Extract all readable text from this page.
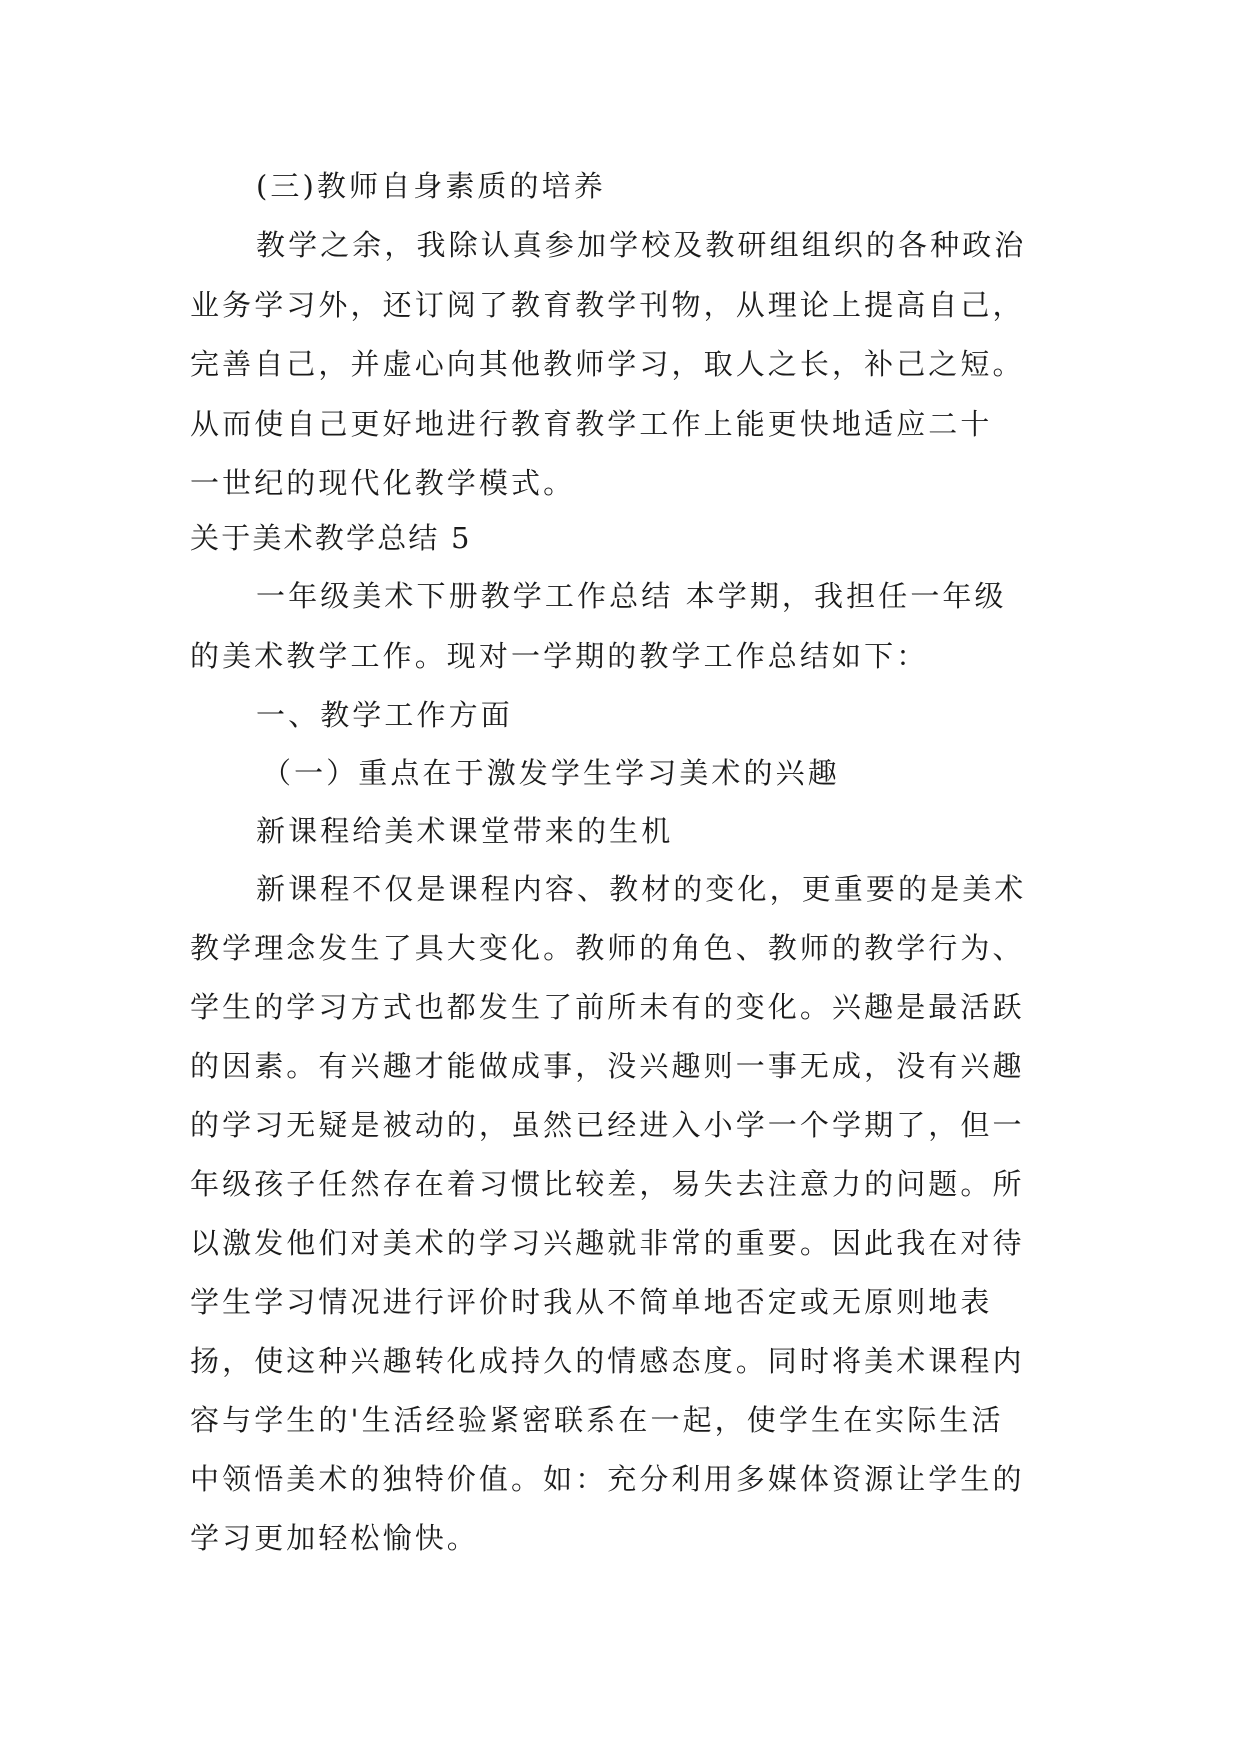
(三)教师自身素质的培养
教学之余，我除认真参加学校及教研组组织的各种政治
业务学习外，还订阅了教育教学刊物，从理论上提高自己，
完善自己，并虚心向其他教师学习，取人之长，补己之短。
从而使自己更好地进行教育教学工作上能更快地适应二十
一世纪的现代化教学模式。
关于美术教学总结 5
一年级美术下册教学工作总结 本学期，我担任一年级
的美术教学工作。现对一学期的教学工作总结如下：
一、教学工作方面
（一）重点在于激发学生学习美术的兴趣
新课程给美术课堂带来的生机
新课程不仅是课程内容、教材的变化，更重要的是美术
教学理念发生了具大变化。教师的角色、教师的教学行为、
学生的学习方式也都发生了前所未有的变化。兴趣是最活跃
的因素。有兴趣才能做成事，没兴趣则一事无成，没有兴趣
的学习无疑是被动的，虽然已经进入小学一个学期了，但一
年级孩子任然存在着习惯比较差，易失去注意力的问题。所
以激发他们对美术的学习兴趣就非常的重要。因此我在对待
学生学习情况进行评价时我从不简单地否定或无原则地表
扬，使这种兴趣转化成持久的情感态度。同时将美术课程内
容与学生的'生活经验紧密联系在一起，使学生在实际生活
中领悟美术的独特价值。如：充分利用多媒体资源让学生的
学习更加轻松愉快。
